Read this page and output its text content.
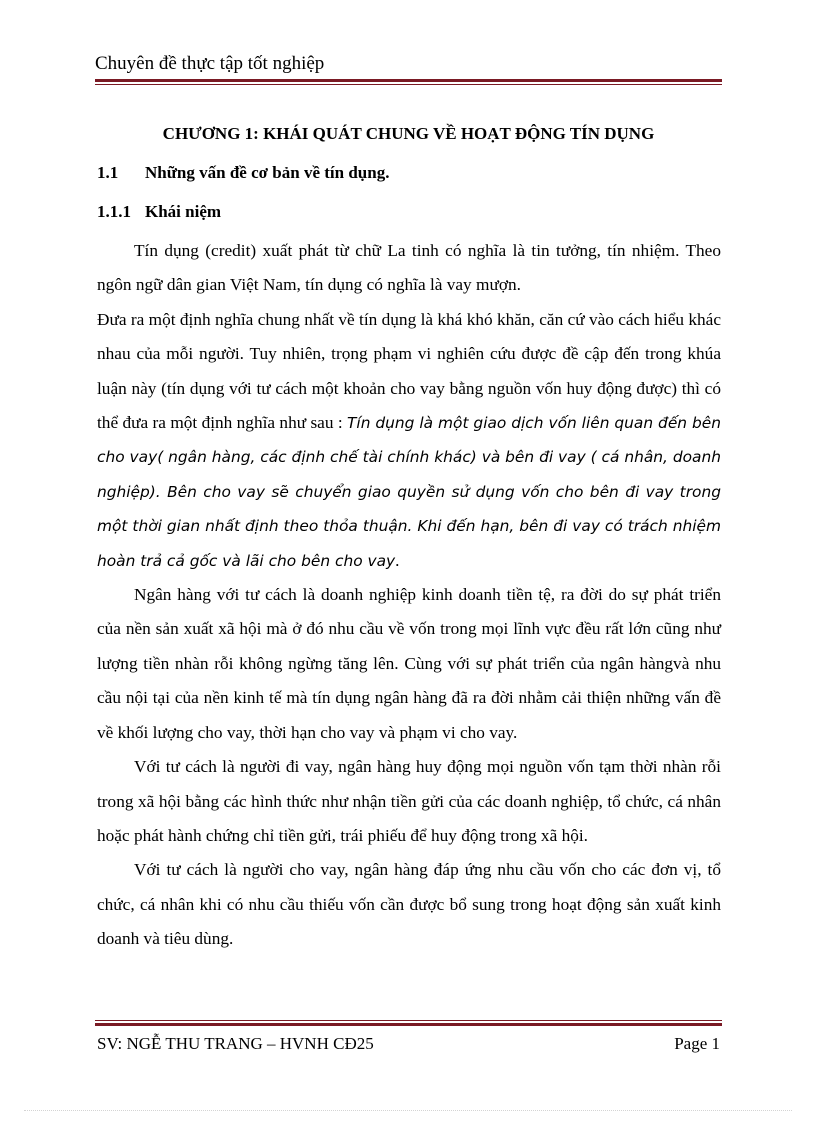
Chuyên đề thực tập tốt nghiệp
CHƯƠNG 1: KHÁI QUÁT CHUNG VỀ HOẠT ĐỘNG TÍN DỤNG
1.1 Những vấn đề cơ bản về tín dụng.
1.1.1 Khái niệm

Tín dụng (credit) xuất phát từ chữ La tinh có nghĩa là tin tưởng, tín nhiệm. Theo ngôn ngữ dân gian Việt Nam, tín dụng có nghĩa là vay mượn.

Đưa ra một định nghĩa chung nhất về tín dụng là khá khó khăn, căn cứ vào cách hiểu khác nhau của mỗi người. Tuy nhiên, trọng phạm vi nghiên cứu được đề cập đến trong khúa luận này (tín dụng với tư cách một khoản cho vay bằng nguồn vốn huy động được) thì có thể đưa ra một định nghĩa như sau : Tín dụng là một giao dịch vốn liên quan đến bên cho vay( ngân hàng, các định chế tài chính khác) và bên đi vay ( cá nhân, doanh nghiệp). Bên cho vay sẽ chuyển giao quyền sử dụng vốn cho bên đi vay trong một thời gian nhất định theo thỏa thuận. Khi đến hạn, bên đi vay có trách nhiệm hoàn trả cả gốc và lãi cho bên cho vay.

Ngân hàng với tư cách là doanh nghiệp kinh doanh tiền tệ, ra đời do sự phát triển của nền sản xuất xã hội mà ở đó nhu cầu về vốn trong mọi lĩnh vực đều rất lớn cũng như lượng tiền nhàn rỗi không ngừng tăng lên. Cùng với sự phát triển của ngân hàngvà nhu cầu nội tại của nền kinh tế mà tín dụng ngân hàng đã ra đời nhằm cải thiện những vấn đề về khối lượng cho vay, thời hạn cho vay và phạm vi cho vay.

Với tư cách là người đi vay, ngân hàng huy động mọi nguồn vốn tạm thời nhàn rỗi trong xã hội bằng các hình thức như nhận tiền gửi của các doanh nghiệp, tổ chức, cá nhân hoặc phát hành chứng chỉ tiền gửi, trái phiếu để huy động trong xã hội.

Với tư cách là người cho vay, ngân hàng đáp ứng nhu cầu vốn cho các đơn vị, tổ chức, cá nhân khi có nhu cầu thiếu vốn cần được bổ sung trong hoạt động sản xuất kinh doanh và tiêu dùng.

SV: NGỄ THU TRANG – HVNH CĐ25	Page 1
